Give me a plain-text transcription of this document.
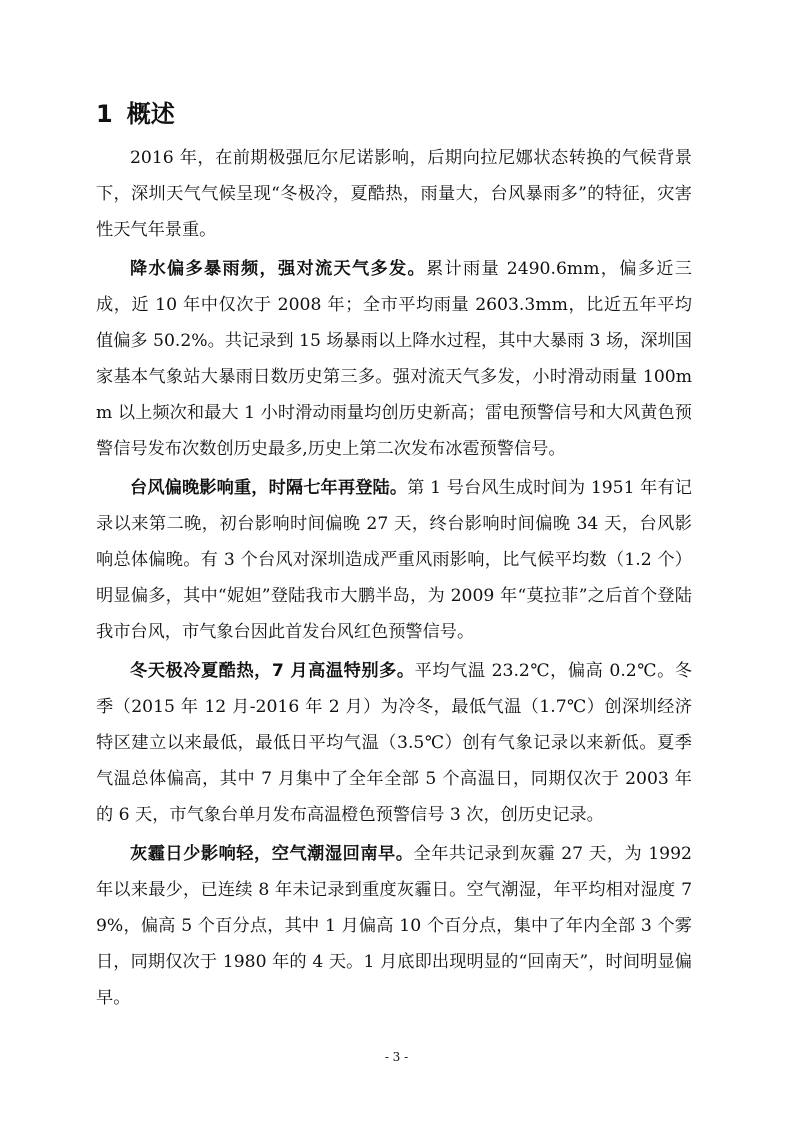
1 概述

2016 年，在前期极强厄尔尼诺影响，后期向拉尼娜状态转换的气候背景下，深圳天气气候呈现“冬极冷，夏酷热，雨量大，台风暴雨多”的特征，灾害性天气年景重。

降水偏多暴雨频，强对流天气多发。累计雨量 2490.6mm，偏多近三成，近 10 年中仅次于 2008 年；全市平均雨量 2603.3mm，比近五年平均值偏多 50.2%。共记录到 15 场暴雨以上降水过程，其中大暴雨 3 场，深圳国家基本气象站大暴雨日数历史第三多。强对流天气多发，小时滑动雨量 100mm 以上频次和最大 1 小时滑动雨量均创历史新高；雷电预警信号和大风黄色预警信号发布次数创历史最多,历史上第二次发布冰雹预警信号。

台风偏晚影响重，时隔七年再登陆。第 1 号台风生成时间为 1951 年有记录以来第二晚，初台影响时间偏晚 27 天，终台影响时间偏晚 34 天，台风影响总体偏晚。有 3 个台风对深圳造成严重风雨影响，比气候平均数（1.2 个）明显偏多，其中“妮妲”登陆我市大鹏半岛，为 2009 年“莫拉菲”之后首个登陆我市台风，市气象台因此首发台风红色预警信号。

冬天极冷夏酷热，7 月高温特别多。平均气温 23.2℃，偏高 0.2℃。冬季（2015 年 12 月-2016 年 2 月）为冷冬，最低气温（1.7℃）创深圳经济特区建立以来最低，最低日平均气温（3.5℃）创有气象记录以来新低。夏季气温总体偏高，其中 7 月集中了全年全部 5 个高温日，同期仅次于 2003 年的 6 天，市气象台单月发布高温橙色预警信号 3 次，创历史记录。

灰霾日少影响轻，空气潮湿回南早。全年共记录到灰霾 27 天，为 1992 年以来最少，已连续 8 年未记录到重度灰霾日。空气潮湿，年平均相对湿度 79%，偏高 5 个百分点，其中 1 月偏高 10 个百分点，集中了年内全部 3 个雾日，同期仅次于 1980 年的 4 天。1 月底即出现明显的“回南天”，时间明显偏早。

- 3 -
